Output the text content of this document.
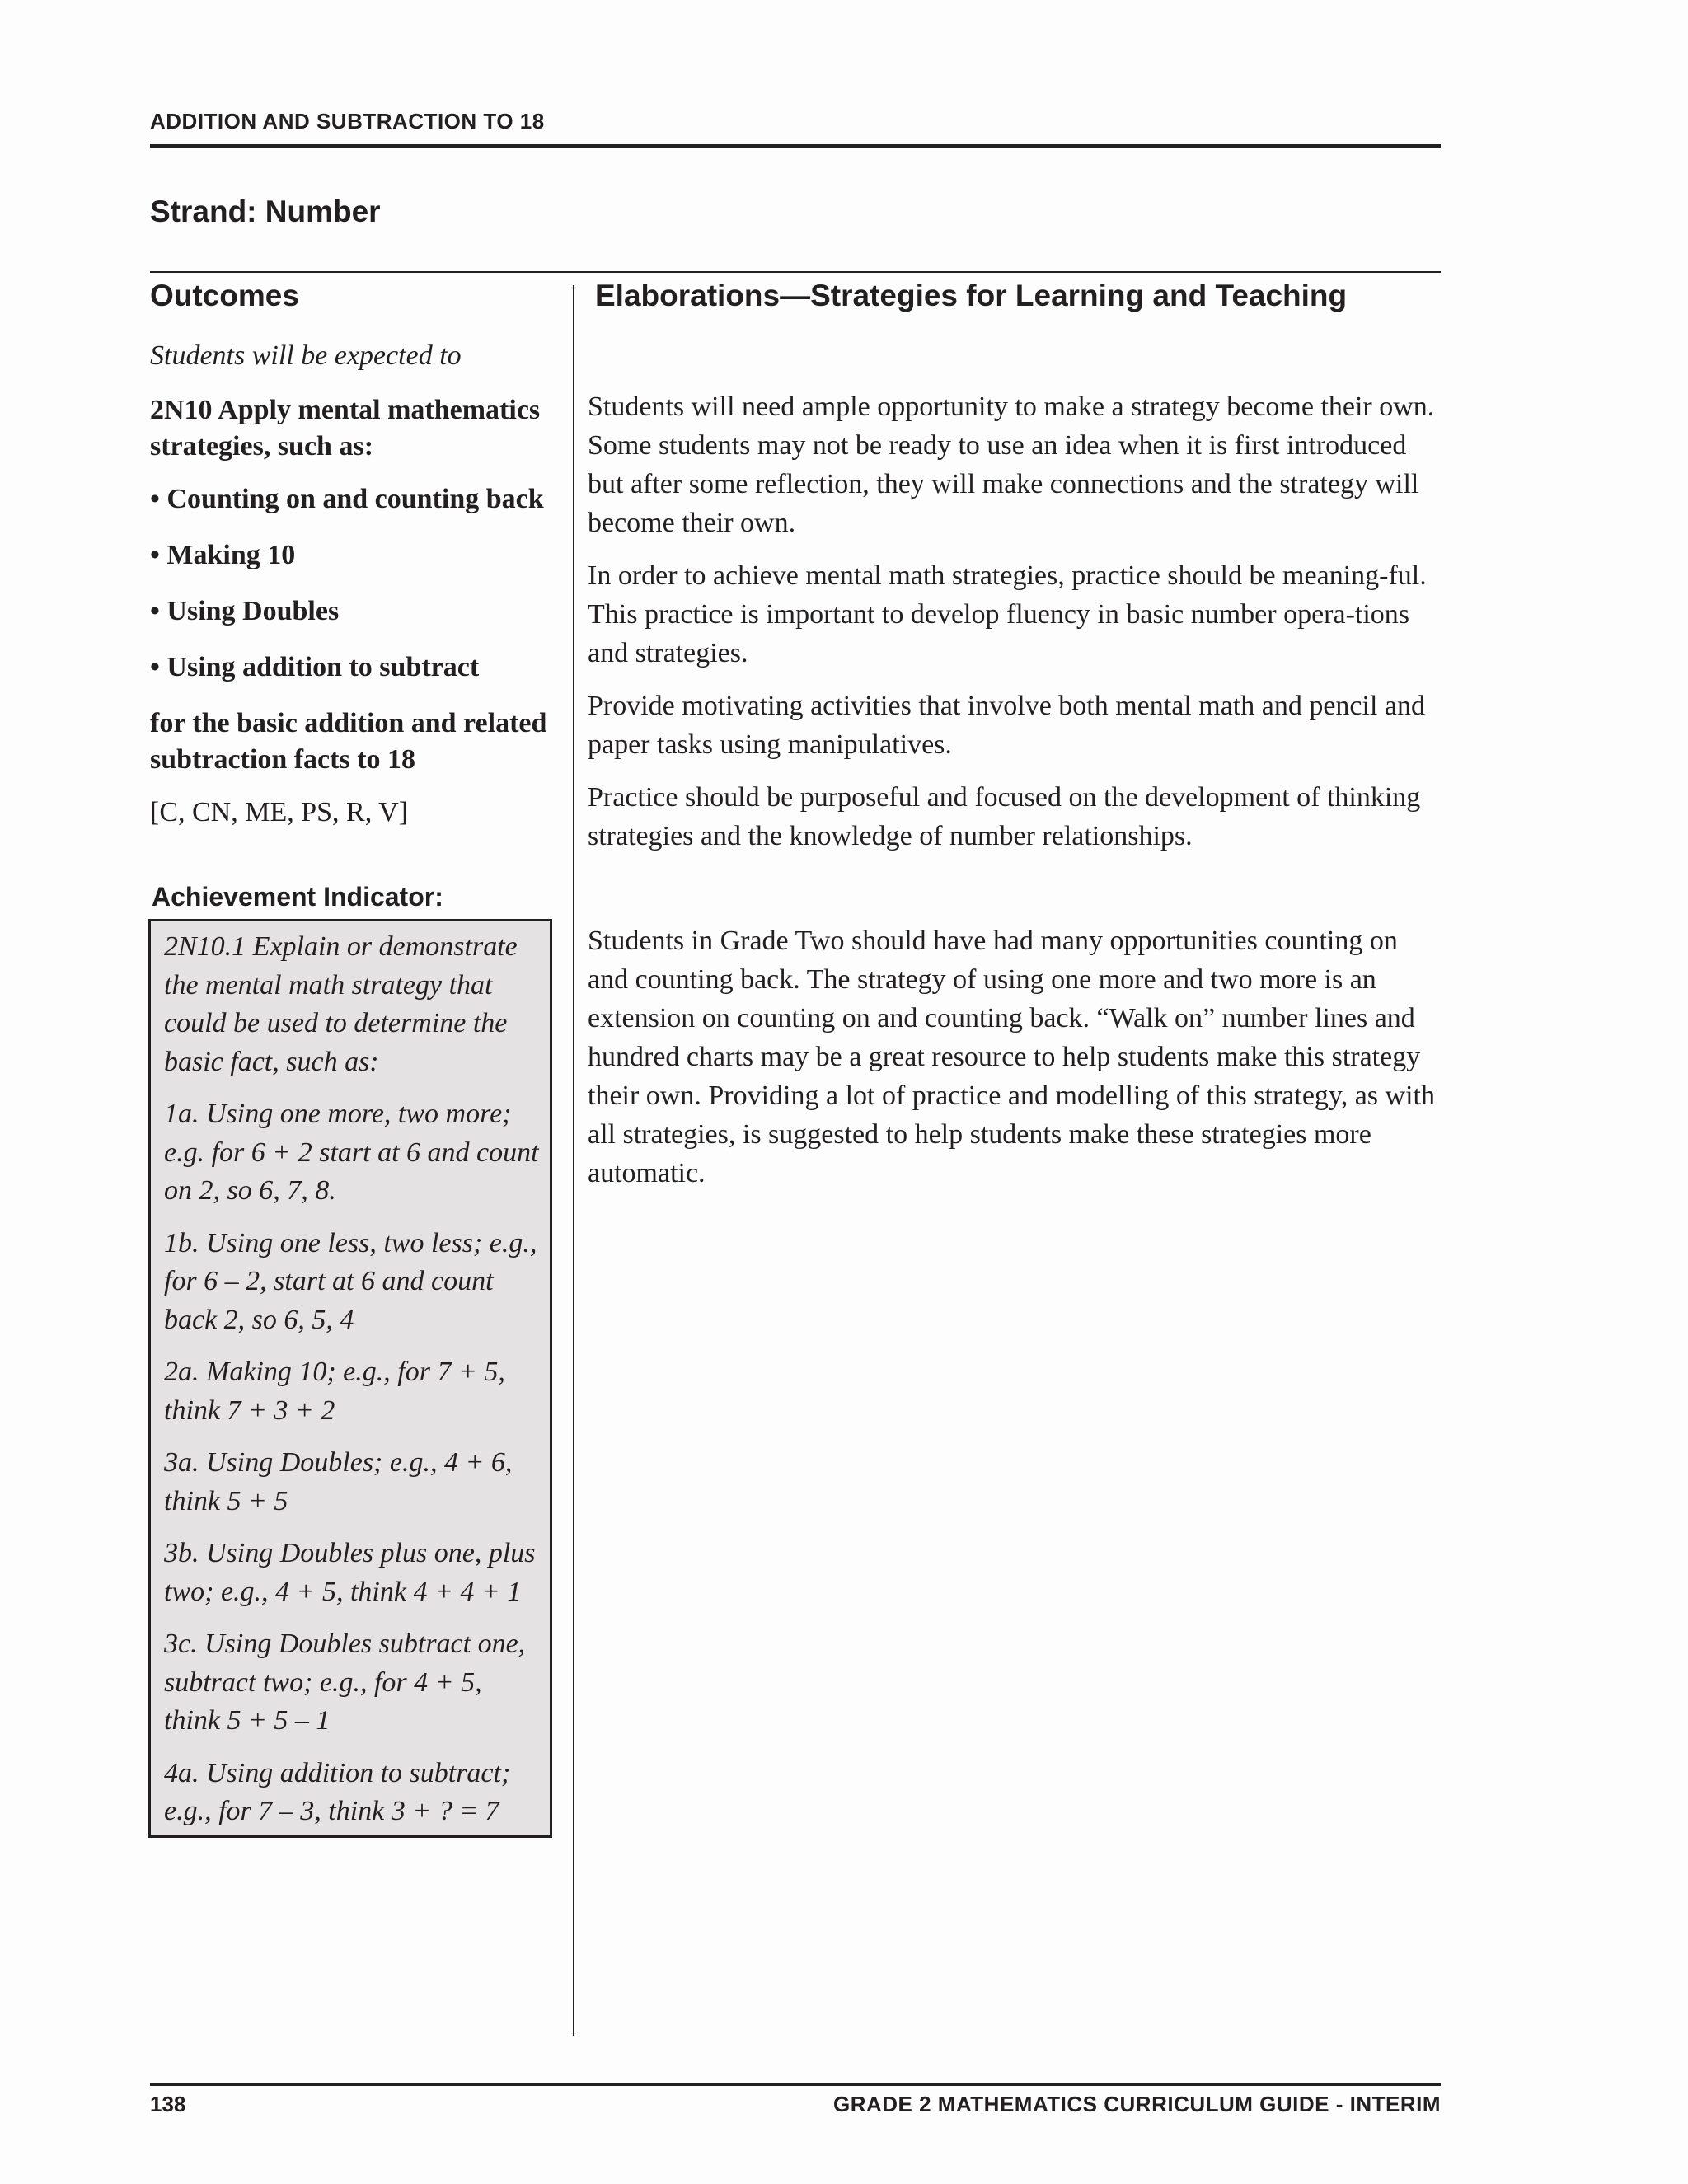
ADDITION AND SUBTRACTION TO 18
Strand: Number
Outcomes	Elaborations—Strategies for Learning and Teaching

Students will be expected to

2N10 Apply mental mathematics strategies, such as:

• Counting on and counting back

• Making 10

• Using Doubles

• Using addition to subtract

for the basic addition and related subtraction facts to 18

[C, CN, ME, PS, R, V]

Achievement Indicator:

2N10.1 Explain or demonstrate the mental math strategy that could be used to determine the basic fact, such as:

1a. Using one more, two more; e.g. for 6 + 2 start at 6 and count on 2, so 6, 7, 8.

1b. Using one less, two less; e.g., for 6 – 2, start at 6 and count back 2, so 6, 5, 4

2a. Making 10; e.g., for 7 + 5, think 7 + 3 + 2

3a. Using Doubles; e.g., 4 + 6, think 5 + 5

3b. Using Doubles plus one, plus two; e.g., 4 + 5, think 4 + 4 + 1

3c. Using Doubles subtract one, subtract two; e.g., for 4 + 5, think 5 + 5 – 1

4a. Using addition to subtract; e.g., for 7 – 3, think 3 + ? = 7

Students will need ample opportunity to make a strategy become their own. Some students may not be ready to use an idea when it is first introduced but after some reflection, they will make connections and the strategy will become their own.

In order to achieve mental math strategies, practice should be meaning-ful. This practice is important to develop fluency in basic number opera-tions and strategies.

Provide motivating activities that involve both mental math and pencil and paper tasks using manipulatives.

Practice should be purposeful and focused on the development of thinking strategies and the knowledge of number relationships.

Students in Grade Two should have had many opportunities counting on and counting back. The strategy of using one more and two more is an extension on counting on and counting back. “Walk on” number lines and hundred charts may be a great resource to help students make this strategy their own. Providing a lot of practice and modelling of this strategy, as with all strategies, is suggested to help students make these strategies more automatic.

138	GRADE 2 MATHEMATICS CURRICULUM GUIDE - INTERIM
